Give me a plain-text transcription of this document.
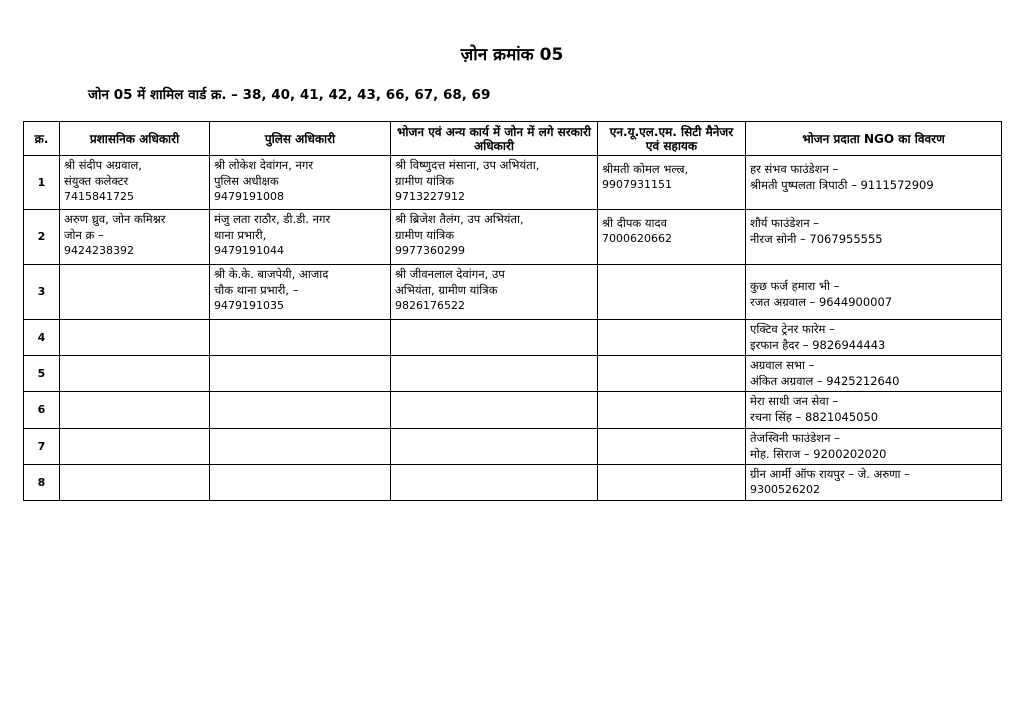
ज़ोन क्रमांक 05
जोन 05 में शामिल वार्ड क्र. – 38, 40, 41, 42, 43, 66, 67, 68, 69
क्र.	प्रशासनिक अधिकारी	पुलिस अधिकारी	भोजन एवं अन्य कार्य में जोन में लगे सरकारी अधिकारी	एन.यू.एल.एम. सिटी मैनेजर एवं सहायक	भोजन प्रदाता NGO का विवरण
1	श्री संदीप अग्रवाल,
संयुक्त कलेक्टर
7415841725	श्री लोकेश देवांगन, नगर
पुलिस अधीक्षक
9479191008	श्री विष्णुदत्त मंसाना, उप अभियंता,
ग्रामीण यांत्रिक
9713227912	श्रीमती कोमल भल्ल्र,
9907931151	हर संभव फाउंडेशन –
श्रीमती पुष्पलता त्रिपाठी – 9111572909

2	अरुण ध्रुव, जोन कमिश्नर
जोन क्र –
9424238392	मंजु लता राठौर, डी.डी. नगर
थाना प्रभारी,
9479191044	श्री ब्रिजेश तैलंग, उप अभियंता,
ग्रामीण यांत्रिक
9977360299	श्री दीपक यादव
7000620662	शौर्य फाउंडेशन –
नीरज सोनी – 7067955555

3		श्री के.के. बाजपेयी, आजाद
चौक थाना प्रभारी, –
9479191035	श्री जीवनलाल देवांगन, उप
अभियंता, ग्रामीण यांत्रिक
9826176522		कुछ फर्ज हमारा भी –
रजत अग्रवाल – 9644900007

4					एक्टिव ट्रेनर फारेम –
इरफान हैदर – 9826944443

5					अग्रवाल सभा –
अंकित अग्रवाल – 9425212640

6					मेरा साथी जन सेवा –
रचना सिंह – 8821045050

7					तेजस्विनी फाउंडेशन –
मोह. सिराज – 9200202020

8					ग्रीन आर्मी ऑफ रायपुर – जे. अरुणा –
9300526202
